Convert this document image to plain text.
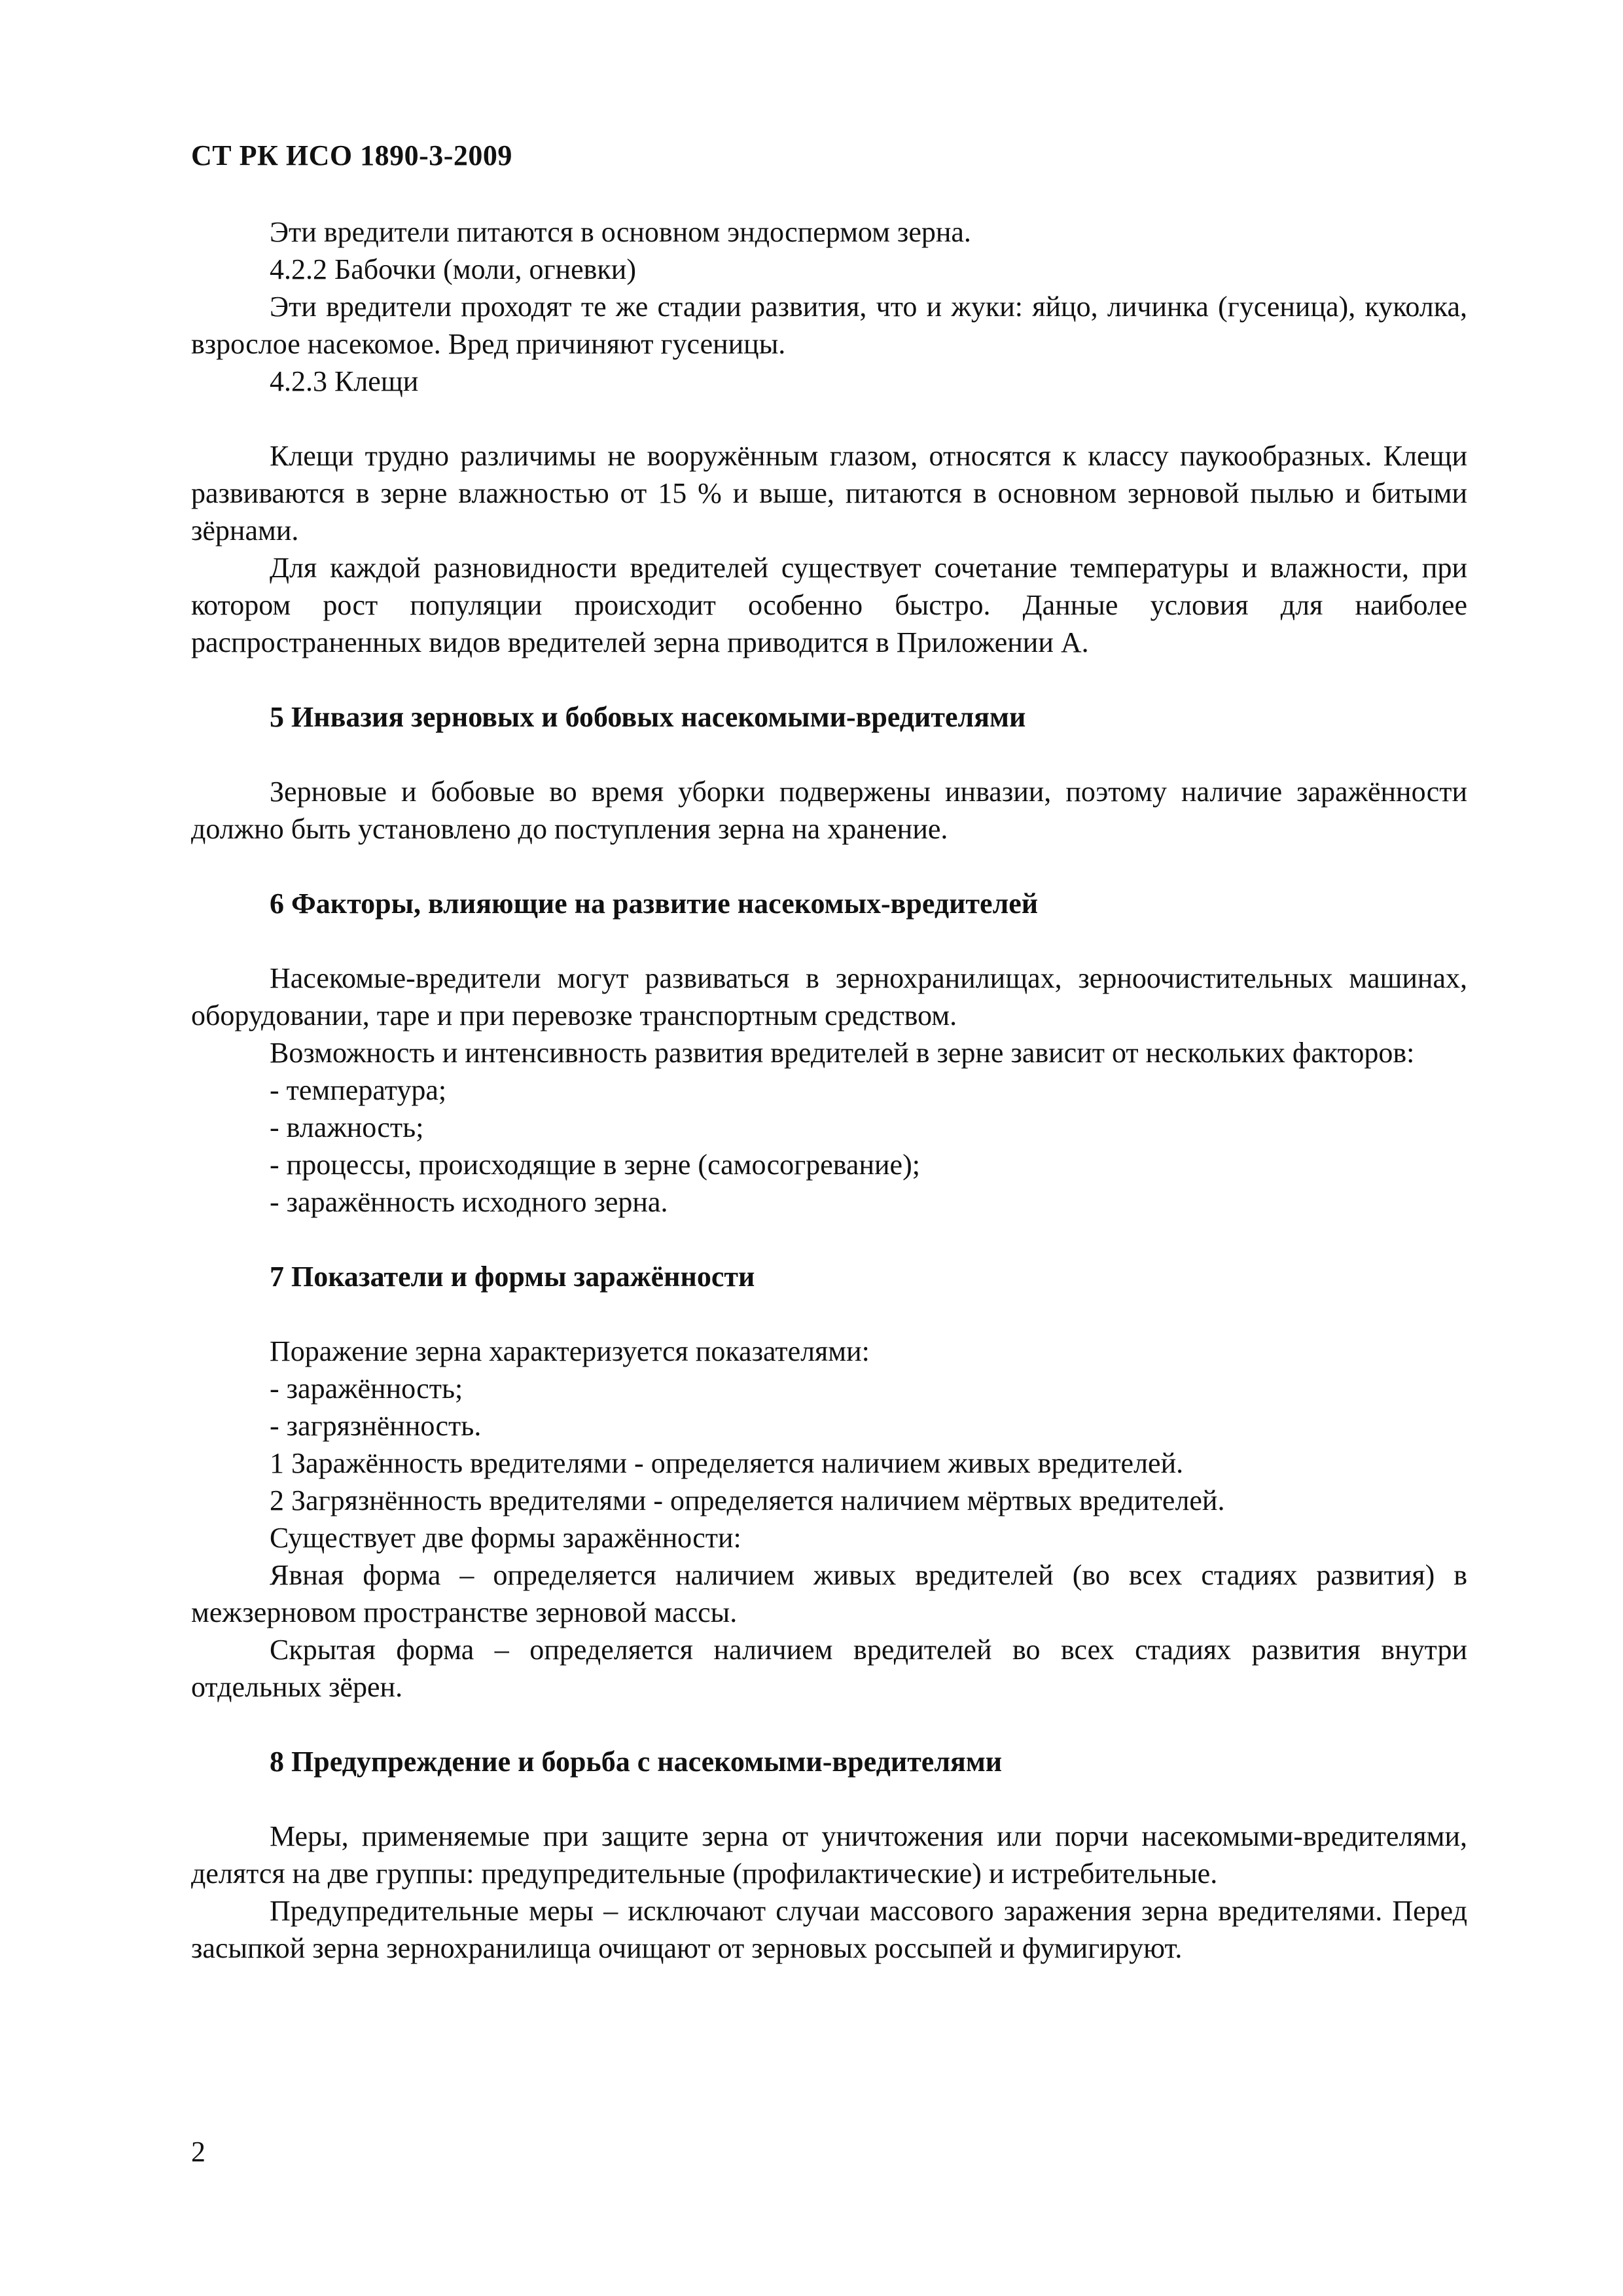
СТ РК ИСО 1890-3-2009

Эти вредители питаются в основном эндоспермом зерна.

4.2.2 Бабочки (моли, огневки)

Эти вредители проходят те же стадии развития, что и жуки: яйцо, личинка (гусеница), куколка, взрослое насекомое. Вред причиняют гусеницы.

4.2.3 Клещи

Клещи трудно различимы не вооружённым глазом, относятся к классу паукообразных. Клещи развиваются в зерне влажностью от 15 % и выше, питаются в основном зерновой пылью и битыми зёрнами.

Для каждой разновидности вредителей существует сочетание температуры и влажности, при котором рост популяции происходит особенно быстро. Данные условия для наиболее распространенных видов вредителей зерна приводится в Приложении А.

5 Инвазия зерновых и бобовых насекомыми-вредителями

Зерновые и бобовые во время уборки подвержены инвазии, поэтому наличие заражённости должно быть установлено до поступления зерна на хранение.

6 Факторы, влияющие на развитие насекомых-вредителей

Насекомые-вредители могут развиваться в зернохранилищах, зерноочистительных машинах, оборудовании, таре и при перевозке транспортным средством.

Возможность и интенсивность развития вредителей в зерне зависит от нескольких факторов:

- температура;

- влажность;

- процессы, происходящие в зерне (самосогревание);

- заражённость исходного зерна.

7 Показатели и формы заражённости

Поражение зерна характеризуется показателями:

- заражённость;

- загрязнённость.

1 Заражённость вредителями - определяется наличием живых вредителей.

2 Загрязнённость вредителями - определяется наличием мёртвых вредителей.

Существует две формы заражённости:

Явная форма – определяется наличием живых вредителей (во всех стадиях развития) в межзерновом пространстве зерновой массы.

Скрытая форма – определяется наличием вредителей во всех стадиях развития внутри отдельных зёрен.

8 Предупреждение и борьба с насекомыми-вредителями

Меры, применяемые при защите зерна от уничтожения или порчи насекомыми-вредителями, делятся на две группы: предупредительные (профилактические) и истребительные.

Предупредительные меры – исключают случаи массового заражения зерна вредителями. Перед засыпкой зерна зернохранилища очищают от зерновых россыпей и фумигируют.

2
